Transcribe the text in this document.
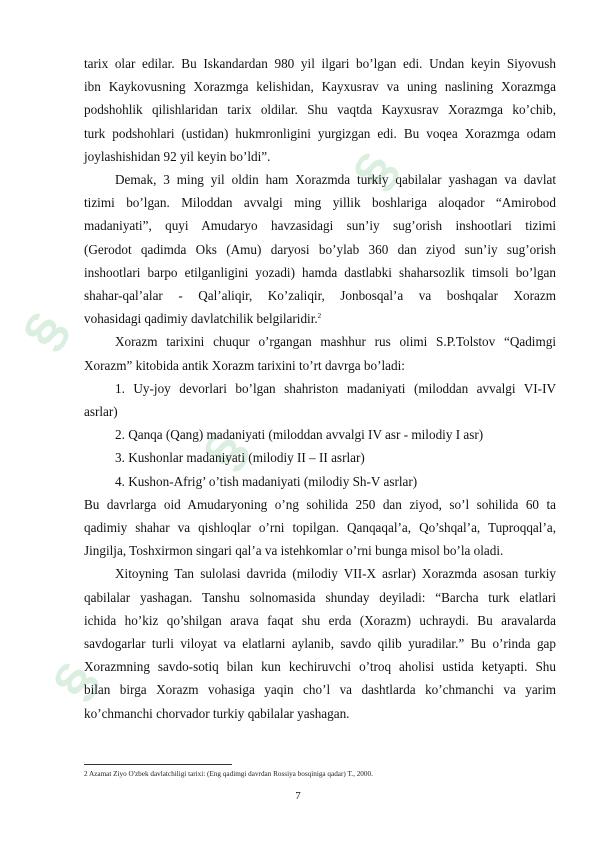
§
§
§
§

tarix olar edilar. Bu Iskandardan 980 yil ilgari bo’lgan edi. Undan keyin Siyovush
ibn Kaykovusning Xorazmga kelishidan, Kayxusrav va uning naslining Xorazmga
podshohlik qilishlaridan tarix oldilar. Shu vaqtda Kayxusrav Xorazmga ko’chib,
turk podshohlari (ustidan) hukmronligini yurgizgan edi. Bu voqea Xorazmga odam
joylashishidan 92 yil keyin bo’ldi”.

Demak, 3 ming yil oldin ham Xorazmda turkiy qabilalar yashagan va davlat
tizimi bo’lgan. Miloddan avvalgi ming yillik boshlariga aloqador “Amirobod
madaniyati”, quyi Amudaryo havzasidagi sun’iy sug’orish inshootlari tizimi
(Gerodot qadimda Oks (Amu) daryosi bo’ylab 360 dan ziyod sun’iy sug’orish
inshootlari barpo etilganligini yozadi) hamda dastlabki shaharsozlik timsoli bo’lgan
shahar-qal’alar - Qal’aliqir, Ko’zaliqir, Jonbosqal’a va boshqalar Xorazm
vohasidagi qadimiy davlatchilik belgilaridir.$^2$

Xorazm tarixini chuqur o’rgangan mashhur rus olimi S.P.Tolstov “Qadimgi
Xorazm” kitobida antik Xorazm tarixini to’rt davrga bo’ladi:

1. Uy-joy devorlari bo’lgan shahriston madaniyati (miloddan avvalgi VI-IV
asrlar)

2. Qanqa (Qang) madaniyati (miloddan avvalgi IV asr - milodiy I asr)

3. Kushonlar madaniyati (milodiy II – II asrlar)

4. Kushon-Afrig’ o’tish madaniyati (milodiy Sh-V asrlar)

Bu davrlarga oid Amudaryoning o’ng sohilida 250 dan ziyod, so’l sohilida 60 ta
qadimiy shahar va qishloqlar o’rni topilgan. Qanqaqal’a, Qo’shqal’a, Tuproqqal’a,
Jingilja, Toshxirmon singari qal’a va istehkomlar o’rni bunga misol bo’la oladi.

Xitoyning Tan sulolasi davrida (milodiy VII-X asrlar) Xorazmda asosan turkiy
qabilalar yashagan. Tanshu solnomasida shunday deyiladi: “Barcha turk elatlari
ichida ho’kiz qo’shilgan arava faqat shu erda (Xorazm) uchraydi. Bu aravalarda
savdogarlar turli viloyat va elatlarni aylanib, savdo qilib yuradilar.” Bu o’rinda gap
Xorazmning savdo-sotiq bilan kun kechiruvchi o’troq aholisi ustida ketyapti. Shu
bilan birga Xorazm vohasiga yaqin cho’l va dashtlarda ko’chmanchi va yarim
ko’chmanchi chorvador turkiy qabilalar yashagan.

2 Azamat Ziyo O'zbek davlatchiligi tarixi: (Eng qadimgi davrdan Rossiya bosqiniga qadar) T., 2000.
7
